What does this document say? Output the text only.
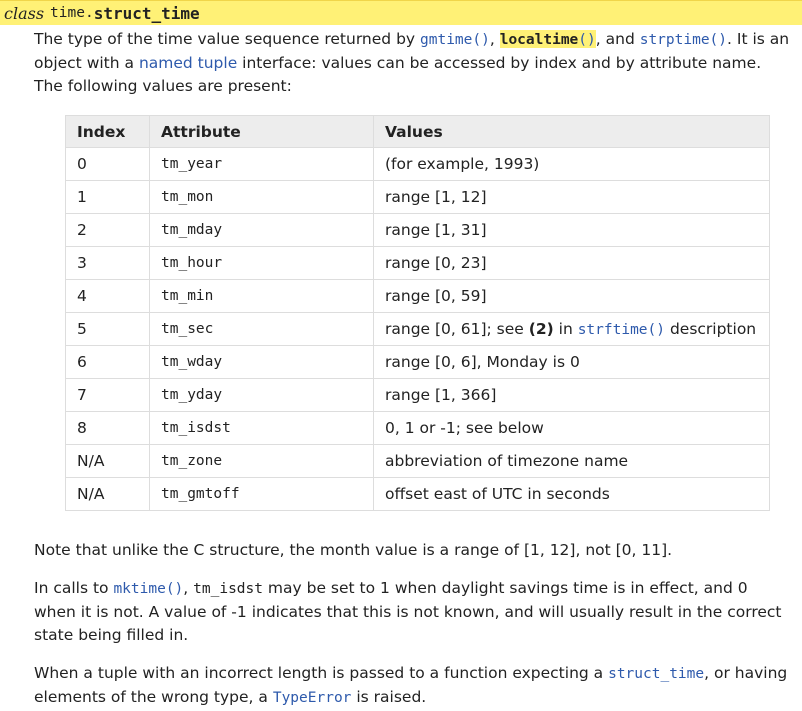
class time. struct_time
The type of the time value sequence returned by gmtime(), localtime(), and strptime(). It is an object with a named tuple interface: values can be accessed by index and by attribute name. The following values are present:
Index	Attribute	Values
0	tm_year	(for example, 1993)
1	tm_mon	range [1, 12]
2	tm_mday	range [1, 31]
3	tm_hour	range [0, 23]
4	tm_min	range [0, 59]
5	tm_sec	range [0, 61]; see (2) in strftime() description
6	tm_wday	range [0, 6], Monday is 0
7	tm_yday	range [1, 366]
8	tm_isdst	0, 1 or -1; see below
N/A	tm_zone	abbreviation of timezone name
N/A	tm_gmtoff	offset east of UTC in seconds
Note that unlike the C structure, the month value is a range of [1, 12], not [0, 11].
In calls to mktime(), tm_isdst may be set to 1 when daylight savings time is in effect, and 0 when it is not. A value of -1 indicates that this is not known, and will usually result in the correct state being filled in.
When a tuple with an incorrect length is passed to a function expecting a struct_time, or having elements of the wrong type, a TypeError is raised.
